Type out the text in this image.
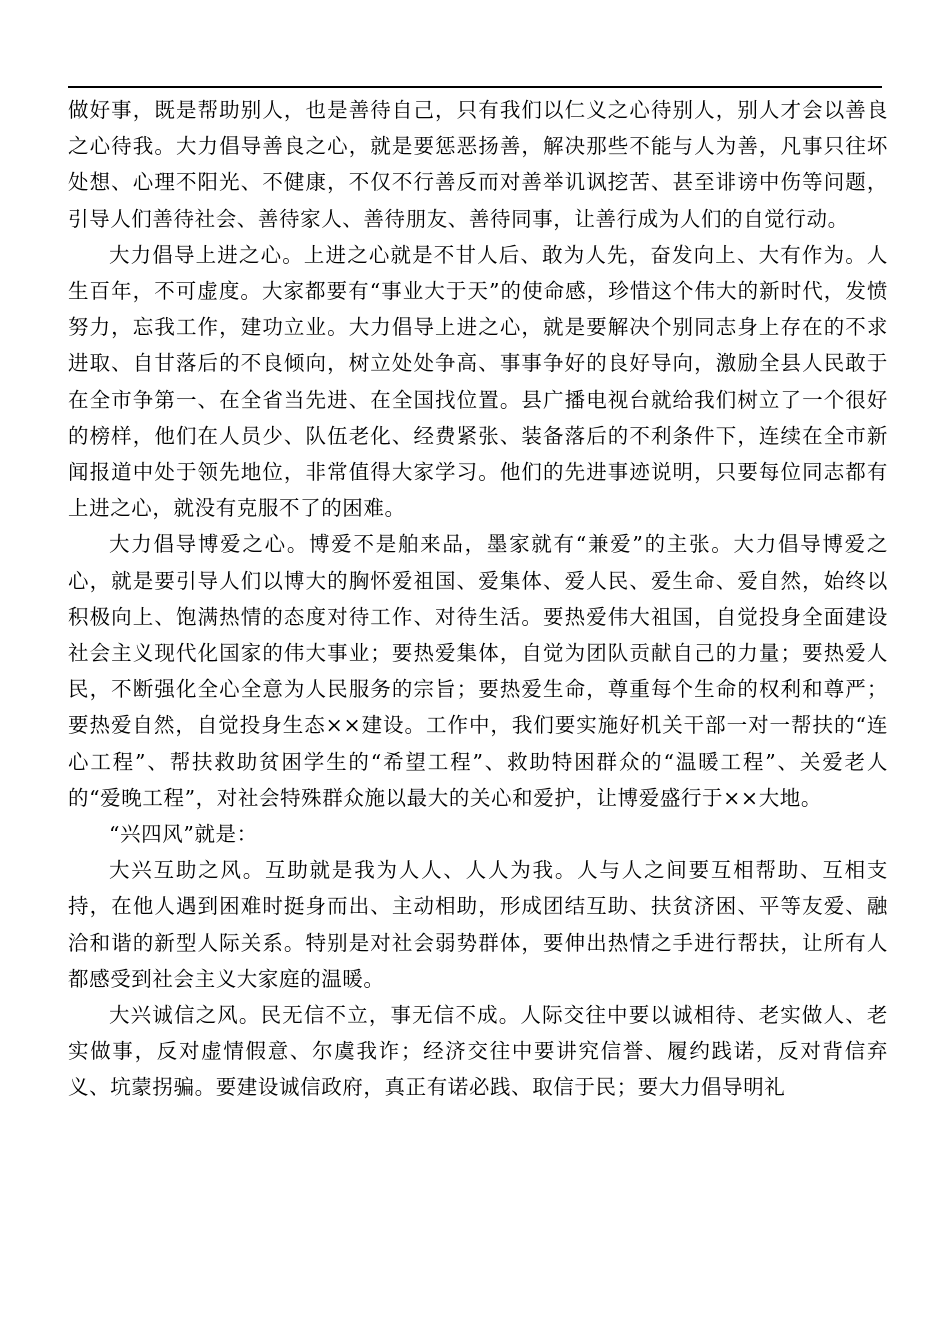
做好事，既是帮助别人，也是善待自己，只有我们以仁义之心待别人，别人才会以善良之心待我。大力倡导善良之心，就是要惩恶扬善，解决那些不能与人为善，凡事只往坏处想、心理不阳光、不健康，不仅不行善反而对善举讥讽挖苦、甚至诽谤中伤等问题，引导人们善待社会、善待家人、善待朋友、善待同事，让善行成为人们的自觉行动。

大力倡导上进之心。上进之心就是不甘人后、敢为人先，奋发向上、大有作为。人生百年，不可虚度。大家都要有“事业大于天”的使命感，珍惜这个伟大的新时代，发愤努力，忘我工作，建功立业。大力倡导上进之心，就是要解决个别同志身上存在的不求进取、自甘落后的不良倾向，树立处处争高、事事争好的良好导向，激励全县人民敢于在全市争第一、在全省当先进、在全国找位置。县广播电视台就给我们树立了一个很好的榜样，他们在人员少、队伍老化、经费紧张、装备落后的不利条件下，连续在全市新闻报道中处于领先地位，非常值得大家学习。他们的先进事迹说明，只要每位同志都有上进之心，就没有克服不了的困难。

大力倡导博爱之心。博爱不是舶来品，墨家就有“兼爱”的主张。大力倡导博爱之心，就是要引导人们以博大的胸怀爱祖国、爱集体、爱人民、爱生命、爱自然，始终以积极向上、饱满热情的态度对待工作、对待生活。要热爱伟大祖国，自觉投身全面建设社会主义现代化国家的伟大事业；要热爱集体，自觉为团队贡献自己的力量；要热爱人民，不断强化全心全意为人民服务的宗旨；要热爱生命，尊重每个生命的权利和尊严；要热爱自然，自觉投身生态××建设。工作中，我们要实施好机关干部一对一帮扶的“连心工程”、帮扶救助贫困学生的“希望工程”、救助特困群众的“温暖工程”、关爱老人的“爱晚工程”，对社会特殊群众施以最大的关心和爱护，让博爱盛行于××大地。

“兴四风”就是：

大兴互助之风。互助就是我为人人、人人为我。人与人之间要互相帮助、互相支持，在他人遇到困难时挺身而出、主动相助，形成团结互助、扶贫济困、平等友爱、融洽和谐的新型人际关系。特别是对社会弱势群体，要伸出热情之手进行帮扶，让所有人都感受到社会主义大家庭的温暖。

大兴诚信之风。民无信不立，事无信不成。人际交往中要以诚相待、老实做人、老实做事，反对虚情假意、尔虞我诈；经济交往中要讲究信誉、履约践诺，反对背信弃义、坑蒙拐骗。要建设诚信政府，真正有诺必践、取信于民；要大力倡导明礼
